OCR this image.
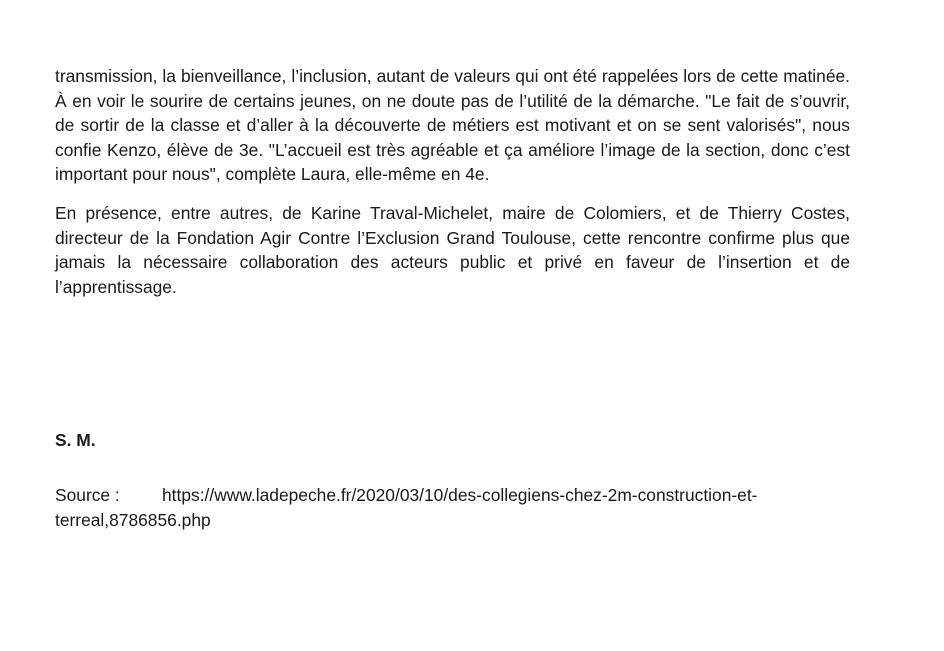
transmission, la bienveillance, l’inclusion, autant de valeurs qui ont été rappelées lors de cette matinée. À en voir le sourire de certains jeunes, on ne doute pas de l’utilité de la démarche. "Le fait de s’ouvrir, de sortir de la classe et d’aller à la découverte de métiers est motivant et on se sent valorisés", nous confie Kenzo, élève de 3e. "L’accueil est très agréable et ça améliore l’image de la section, donc c’est important pour nous", complète Laura, elle-même en 4e.

En présence, entre autres, de Karine Traval-Michelet, maire de Colomiers, et de Thierry Costes, directeur de la Fondation Agir Contre l’Exclusion Grand Toulouse, cette rencontre confirme plus que jamais la nécessaire collaboration des acteurs public et privé en faveur de l’insertion et de l’apprentissage.

S. M.

Source : https://www.ladepeche.fr/2020/03/10/des-collegiens-chez-2m-construction-et-terreal,8786856.php
